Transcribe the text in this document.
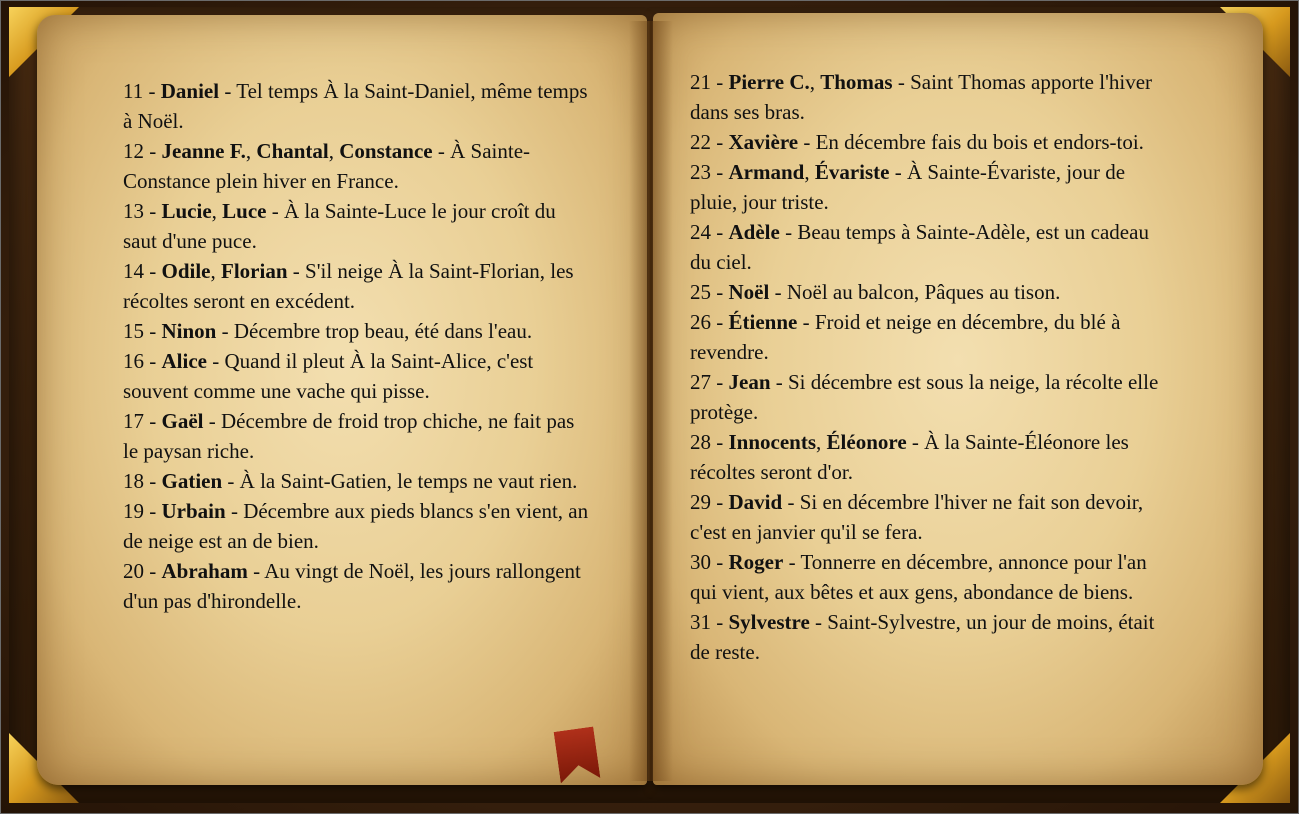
11 - Daniel - Tel temps À la Saint-Daniel, même temps à Noël.

12 - Jeanne F., Chantal, Constance - À Sainte-Constance plein hiver en France.

13 - Lucie, Luce - À la Sainte-Luce le jour croît du saut d'une puce.

14 - Odile, Florian - S'il neige À la Saint-Florian, les récoltes seront en excédent.

15 - Ninon - Décembre trop beau, été dans l'eau.

16 - Alice - Quand il pleut À la Saint-Alice, c'est souvent comme une vache qui pisse.

17 - Gaël - Décembre de froid trop chiche, ne fait pas le paysan riche.

18 - Gatien - À la Saint-Gatien, le temps ne vaut rien.

19 - Urbain - Décembre aux pieds blancs s'en vient, an de neige est an de bien.

20 - Abraham - Au vingt de Noël, les jours rallongent d'un pas d'hirondelle.

21 - Pierre C., Thomas - Saint Thomas apporte l'hiver dans ses bras.

22 - Xavière - En décembre fais du bois et endors-toi.

23 - Armand, Évariste - À Sainte-Évariste, jour de pluie, jour triste.

24 - Adèle - Beau temps à Sainte-Adèle, est un cadeau du ciel.

25 - Noël - Noël au balcon, Pâques au tison.

26 - Étienne - Froid et neige en décembre, du blé à revendre.

27 - Jean - Si décembre est sous la neige, la récolte elle protège.

28 - Innocents, Éléonore - À la Sainte-Éléonore les récoltes seront d'or.

29 - David - Si en décembre l'hiver ne fait son devoir, c'est en janvier qu'il se fera.

30 - Roger - Tonnerre en décembre, annonce pour l'an qui vient, aux bêtes et aux gens, abondance de biens.

31 - Sylvestre - Saint-Sylvestre, un jour de moins, était de reste.
